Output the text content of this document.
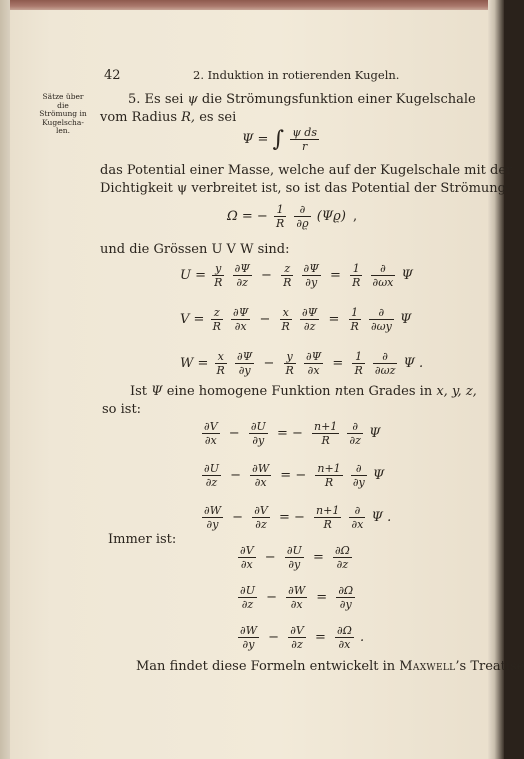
42	2. Induktion in rotierenden Kugeln.
Sätze über
die
Strömung in
Kugelscha-
len.
5. Es sei ψ die Strömungsfunktion einer Kugelschale
vom Radius R, es sei
Ψ = ∫ $\frac{\text{ψ ds}}{r}$
das Potential einer Masse, welche auf der Kugelschale mit der
Dichtigkeit ψ verbreitet ist, so ist das Potential der Strömung:
Ω = − $\frac{1}{R}$
$\frac{\partial}{\partial ϱ} (\Psi ϱ)$ ,
und die Grössen U V W sind:
$U = \frac{y}{R}$
$\frac{\partial\Psi}{\partial z} - \frac{z}{R}$
$\frac{\partial\Psi}{\partial y} = \frac{1}{R}$
$\frac{\partial}{\partial\omega x}$ Ψ
$V = \frac{z}{R}$
$\frac{\partial\Psi}{\partial x} - \frac{x}{R}$
$\frac{\partial\Psi}{\partial z} = \frac{1}{R}$
$\frac{\partial}{\partial\omega y}$ Ψ
$W = \frac{x}{R}$
$\frac{\partial\Psi}{\partial y} - \frac{y}{R}$
$\frac{\partial\Psi}{\partial x} = \frac{1}{R}$
$\frac{\partial}{\partial\omega z}$ Ψ .
Ist Ψ eine homogene Funktion nten Grades in x, y, z,
so ist:
$\frac{\partial V}{\partial x} - \frac{\partial U}{\partial y}$ = − $\frac{n+1}{R}$
$\frac{\partial}{\partial z}$ Ψ
$\frac{\partial U}{\partial z} - \frac{\partial W}{\partial x}$ = − $\frac{n+1}{R}$
$\frac{\partial}{\partial y}$ Ψ
$\frac{\partial W}{\partial y} - \frac{\partial V}{\partial z}$ = − $\frac{n+1}{R}$
$\frac{\partial}{\partial x}$ Ψ .
Immer ist:
$\frac{\partial V}{\partial x} - \frac{\partial U}{\partial y} = \frac{\partial\Omega}{\partial z}$
$\frac{\partial U}{\partial z} - \frac{\partial W}{\partial x} = \frac{\partial\Omega}{\partial y}$
$\frac{\partial W}{\partial y} - \frac{\partial V}{\partial z} = \frac{\partial\Omega}{\partial x}$ .
Man findet diese Formeln entwickelt in Maxwell’s Treatise
